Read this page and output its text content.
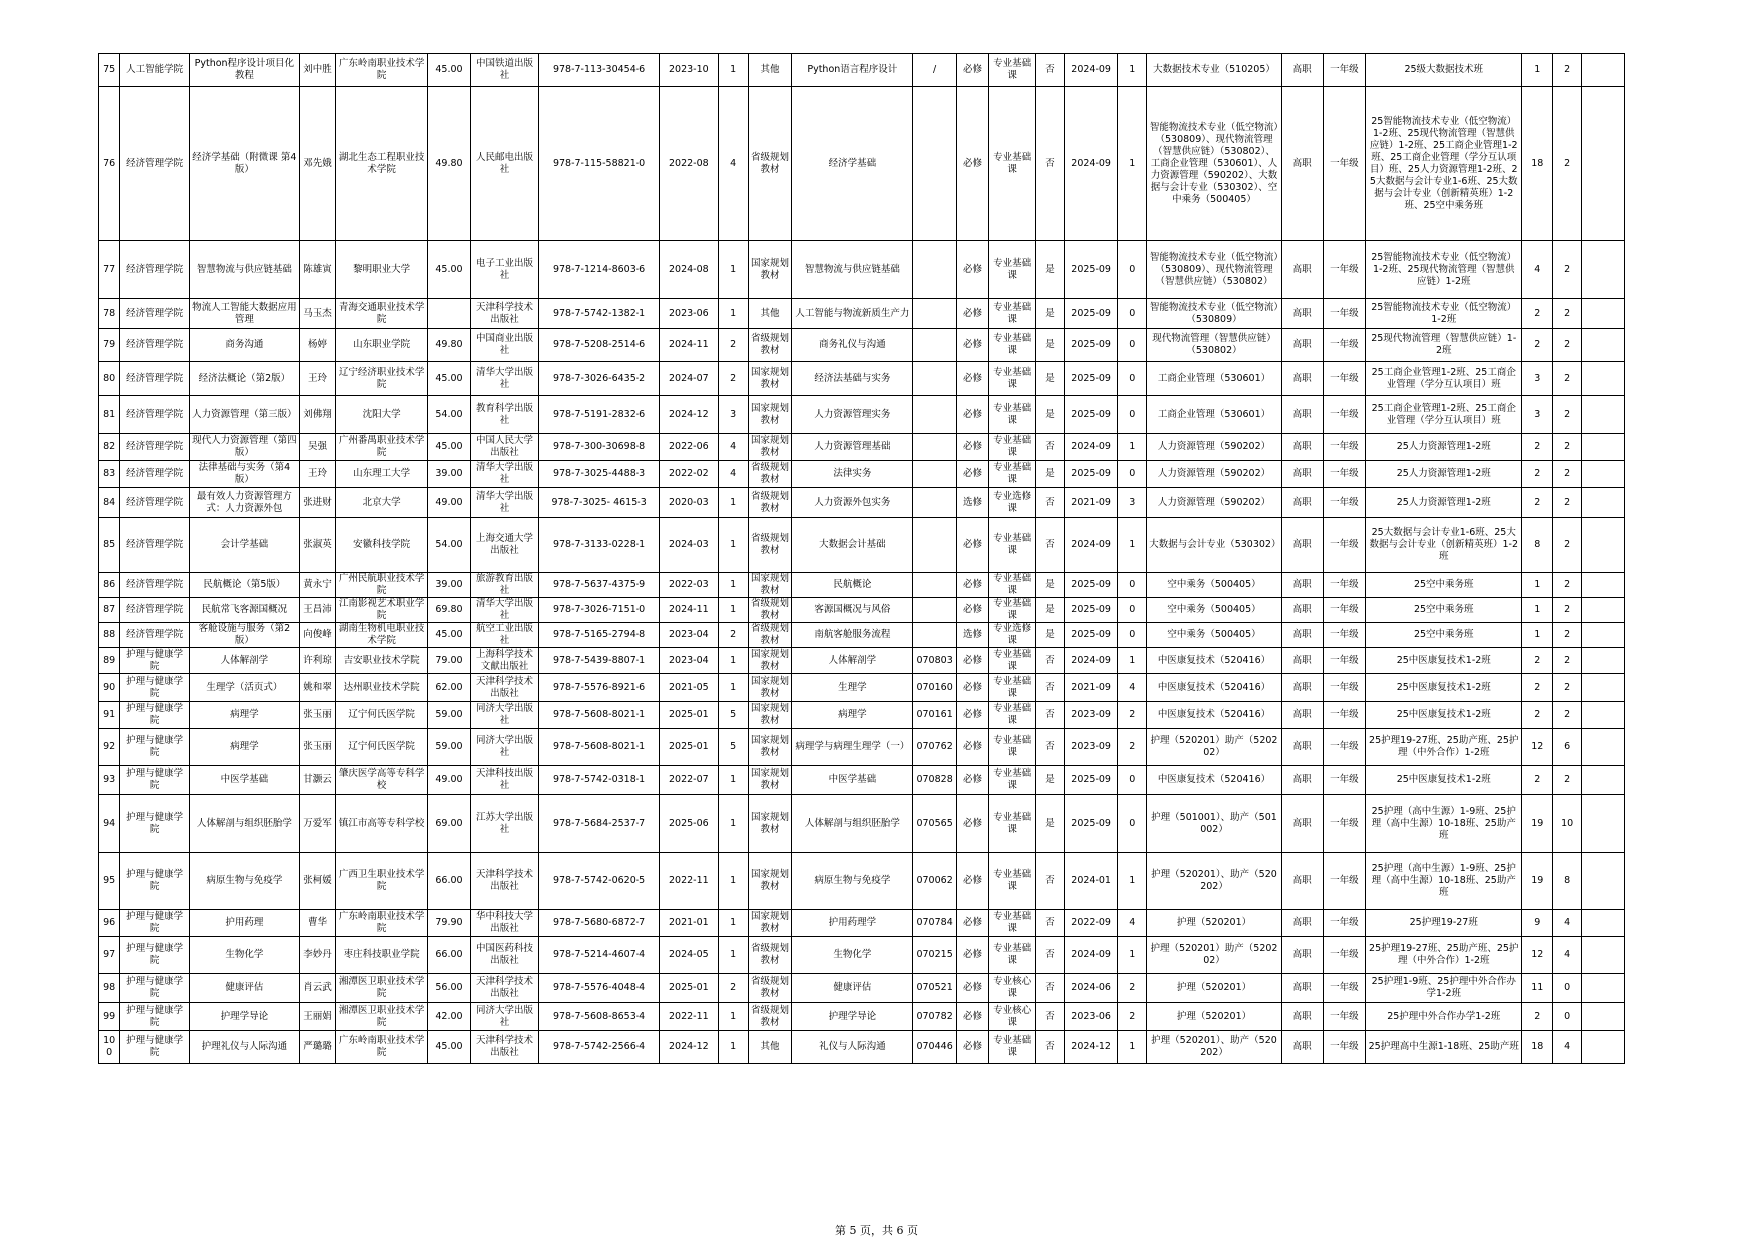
75	人工智能学院	Python程序设计项目化教程	刘中胜	广东岭南职业技术学院	45.00	中国铁道出版社	978-7-113-30454-6	2023-10	1	其他	Python语言程序设计	/	必修	专业基础课	否	2024-09	1	大数据技术专业（510205）	高职	一年级	25级大数据技术班	1	2	
76	经济管理学院	经济学基础（附微课 第4版）	邓先娥	湖北生态工程职业技术学院	49.80	人民邮电出版社	978-7-115-58821-0	2022-08	4	省级规划教材	经济学基础		必修	专业基础课	否	2024-09	1	智能物流技术专业（低空物流）（530809）、现代物流管理（智慧供应链）（530802）、工商企业管理（530601）、人力资源管理（590202）、大数据与会计专业（530302）、空中乘务（500405）	高职	一年级	25智能物流技术专业（低空物流）1-2班、25现代物流管理（智慧供应链）1-2班、25工商企业管理1-2班、25工商企业管理（学分互认项目）班、25人力资源管理1-2班、25大数据与会计专业1-6班、25大数据与会计专业（创新精英班）1-2班、25空中乘务班	18	2	
77	经济管理学院	智慧物流与供应链基础	陈雄寅	黎明职业大学	45.00	电子工业出版社	978-7-1214-8603-6	2024-08	1	国家规划教材	智慧物流与供应链基础		必修	专业基础课	是	2025-09	0	智能物流技术专业（低空物流）（530809）、现代物流管理（智慧供应链）（530802）	高职	一年级	25智能物流技术专业（低空物流）1-2班、25现代物流管理（智慧供应链）1-2班	4	2	
78	经济管理学院	物流人工智能大数据应用管理	马玉杰	青海交通职业技术学院		天津科学技术出版社	978-7-5742-1382-1	2023-06	1	其他	人工智能与物流新质生产力		必修	专业基础课	是	2025-09	0	智能物流技术专业（低空物流）（530809）	高职	一年级	25智能物流技术专业（低空物流）1-2班	2	2	
79	经济管理学院	商务沟通	杨婷	山东职业学院	49.80	中国商业出版社	978-7-5208-2514-6	2024-11	2	省级规划教材	商务礼仪与沟通		必修	专业基础课	是	2025-09	0	现代物流管理（智慧供应链）（530802）	高职	一年级	25现代物流管理（智慧供应链）1-2班	2	2	
80	经济管理学院	经济法概论（第2版）	王玲	辽宁经济职业技术学院	45.00	清华大学出版社	978-7-3026-6435-2	2024-07	2	国家规划教材	经济法基础与实务		必修	专业基础课	是	2025-09	0	工商企业管理（530601）	高职	一年级	25工商企业管理1-2班、25工商企业管理（学分互认项目）班	3	2	
81	经济管理学院	人力资源管理（第三版）	刘佛翔	沈阳大学	54.00	教育科学出版社	978-7-5191-2832-6	2024-12	3	国家规划教材	人力资源管理实务		必修	专业基础课	是	2025-09	0	工商企业管理（530601）	高职	一年级	25工商企业管理1-2班、25工商企业管理（学分互认项目）班	3	2	
82	经济管理学院	现代人力资源管理（第四版）	吴强	广州番禺职业技术学院	45.00	中国人民大学出版社	978-7-300-30698-8	2022-06	4	国家规划教材	人力资源管理基础		必修	专业基础课	否	2024-09	1	人力资源管理（590202）	高职	一年级	25人力资源管理1-2班	2	2	
83	经济管理学院	法律基础与实务（第4版）	王玲	山东理工大学	39.00	清华大学出版社	978-7-3025-4488-3	2022-02	4	省级规划教材	法律实务		必修	专业基础课	是	2025-09	0	人力资源管理（590202）	高职	一年级	25人力资源管理1-2班	2	2	
84	经济管理学院	最有效人力资源管理方式：人力资源外包	张进财	北京大学	49.00	清华大学出版社	978-7-3025- 4615-3	2020-03	1	省级规划教材	人力资源外包实务		选修	专业选修课	否	2021-09	3	人力资源管理（590202）	高职	一年级	25人力资源管理1-2班	2	2	
85	经济管理学院	会计学基础	张淑英	安徽科技学院	54.00	上海交通大学出版社	978-7-3133-0228-1	2024-03	1	省级规划教材	大数据会计基础		必修	专业基础课	否	2024-09	1	大数据与会计专业（530302）	高职	一年级	25大数据与会计专业1-6班、25大数据与会计专业（创新精英班）1-2班	8	2	
86	经济管理学院	民航概论（第5版）	黄永宁	广州民航职业技术学院	39.00	旅游教育出版社	978-7-5637-4375-9	2022-03	1	国家规划教材	民航概论		必修	专业基础课	是	2025-09	0	空中乘务（500405）	高职	一年级	25空中乘务班	1	2	
87	经济管理学院	民航常飞客源国概况	王昌沛	江南影视艺术职业学院	69.80	清华大学出版社	978-7-3026-7151-0	2024-11	1	省级规划教材	客源国概况与风俗		必修	专业基础课	是	2025-09	0	空中乘务（500405）	高职	一年级	25空中乘务班	1	2	
88	经济管理学院	客舱设施与服务（第2版）	向俊峰	湖南生物机电职业技术学院	45.00	航空工业出版社	978-7-5165-2794-8	2023-04	2	省级规划教材	南航客舱服务流程		选修	专业选修课	是	2025-09	0	空中乘务（500405）	高职	一年级	25空中乘务班	1	2	
89	护理与健康学院	人体解剖学	许利琼	吉安职业技术学院	79.00	上海科学技术文献出版社	978-7-5439-8807-1	2023-04	1	国家规划教材	人体解剖学	070803	必修	专业基础课	否	2024-09	1	中医康复技术（520416）	高职	一年级	25中医康复技术1-2班	2	2	
90	护理与健康学院	生理学（活页式）	姚和翠	达州职业技术学院	62.00	天津科学技术出版社	978-7-5576-8921-6	2021-05	1	国家规划教材	生理学	070160	必修	专业基础课	否	2021-09	4	中医康复技术（520416）	高职	一年级	25中医康复技术1-2班	2	2	
91	护理与健康学院	病理学	张玉丽	辽宁何氏医学院	59.00	同济大学出版社	978-7-5608-8021-1	2025-01	5	国家规划教材	病理学	070161	必修	专业基础课	否	2023-09	2	中医康复技术（520416）	高职	一年级	25中医康复技术1-2班	2	2	
92	护理与健康学院	病理学	张玉丽	辽宁何氏医学院	59.00	同济大学出版社	978-7-5608-8021-1	2025-01	5	国家规划教材	病理学与病理生理学（一）	070762	必修	专业基础课	否	2023-09	2	护理（520201）助产（520202）	高职	一年级	25护理19-27班、25助产班、25护理（中外合作）1-2班	12	6	
93	护理与健康学院	中医学基础	甘灏云	肇庆医学高等专科学校	49.00	天津科技出版社	978-7-5742-0318-1	2022-07	1	国家规划教材	中医学基础	070828	必修	专业基础课	是	2025-09	0	中医康复技术（520416）	高职	一年级	25中医康复技术1-2班	2	2	
94	护理与健康学院	人体解剖与组织胚胎学	万爱军	镇江市高等专科学校	69.00	江苏大学出版社	978-7-5684-2537-7	2025-06	1	国家规划教材	人体解剖与组织胚胎学	070565	必修	专业基础课	是	2025-09	0	护理（501001）、助产（501002）	高职	一年级	25护理（高中生源）1-9班、25护理（高中生源）10-18班、25助产班	19	10	
95	护理与健康学院	病原生物与免疫学	张柯媛	广西卫生职业技术学院	66.00	天津科学技术出版社	978-7-5742-0620-5	2022-11	1	国家规划教材	病原生物与免疫学	070062	必修	专业基础课	否	2024-01	1	护理（520201）、助产（520202）	高职	一年级	25护理（高中生源）1-9班、25护理（高中生源）10-18班、25助产班	19	8	
96	护理与健康学院	护用药理	曹华	广东岭南职业技术学院	79.90	华中科技大学出版社	978-7-5680-6872-7	2021-01	1	国家规划教材	护用药理学	070784	必修	专业基础课	否	2022-09	4	护理（520201）	高职	一年级	25护理19-27班	9	4	
97	护理与健康学院	生物化学	李妙丹	枣庄科技职业学院	66.00	中国医药科技出版社	978-7-5214-4607-4	2024-05	1	省级规划教材	生物化学	070215	必修	专业基础课	否	2024-09	1	护理（520201）助产（520202）	高职	一年级	25护理19-27班、25助产班、25护理（中外合作）1-2班	12	4	
98	护理与健康学院	健康评估	肖云武	湘潭医卫职业技术学院	56.00	天津科学技术出版社	978-7-5576-4048-4	2025-01	2	省级规划教材	健康评估	070521	必修	专业核心课	否	2024-06	2	护理（520201）	高职	一年级	25护理1-9班、25护理中外合作办学1-2班	11	0	
99	护理与健康学院	护理学导论	王丽娟	湘潭医卫职业技术学院	42.00	同济大学出版社	978-7-5608-8653-4	2022-11	1	省级规划教材	护理学导论	070782	必修	专业核心课	否	2023-06	2	护理（520201）	高职	一年级	25护理中外合作办学1-2班	2	0	
100	护理与健康学院	护理礼仪与人际沟通	严璐璐	广东岭南职业技术学院	45.00	天津科学技术出版社	978-7-5742-2566-4	2024-12	1	其他	礼仪与人际沟通	070446	必修	专业基础课	否	2024-12	1	护理（520201）、助产（520202）	高职	一年级	25护理高中生源1-18班、25助产班	18	4	
第 5 页，共 6 页
